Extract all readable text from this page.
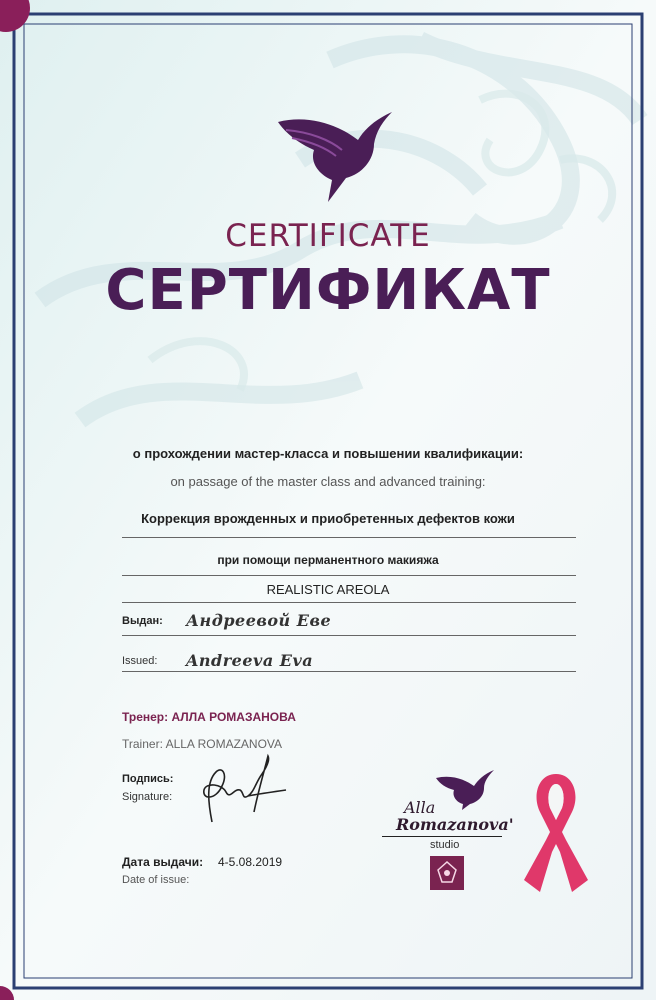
CERTIFICATE
СЕРТИФИКАТ
о прохождении мастер-класса и повышении квалификации:
on passage of the master class and advanced training:
Коррекция врожденных и приобретенных дефектов кожи
при помощи перманентного макияжа
REALISTIC AREOLA
Выдан: Андреевой Еве
Issued: Andreeva Eva
Тренер: АЛЛА РОМАЗАНОВА
Trainer: ALLA ROMAZANOVA
Подпись:
Signature:
Дата выдачи: 4-5.08.2019
Date of issue:
Alla
Romazanova'
studio
